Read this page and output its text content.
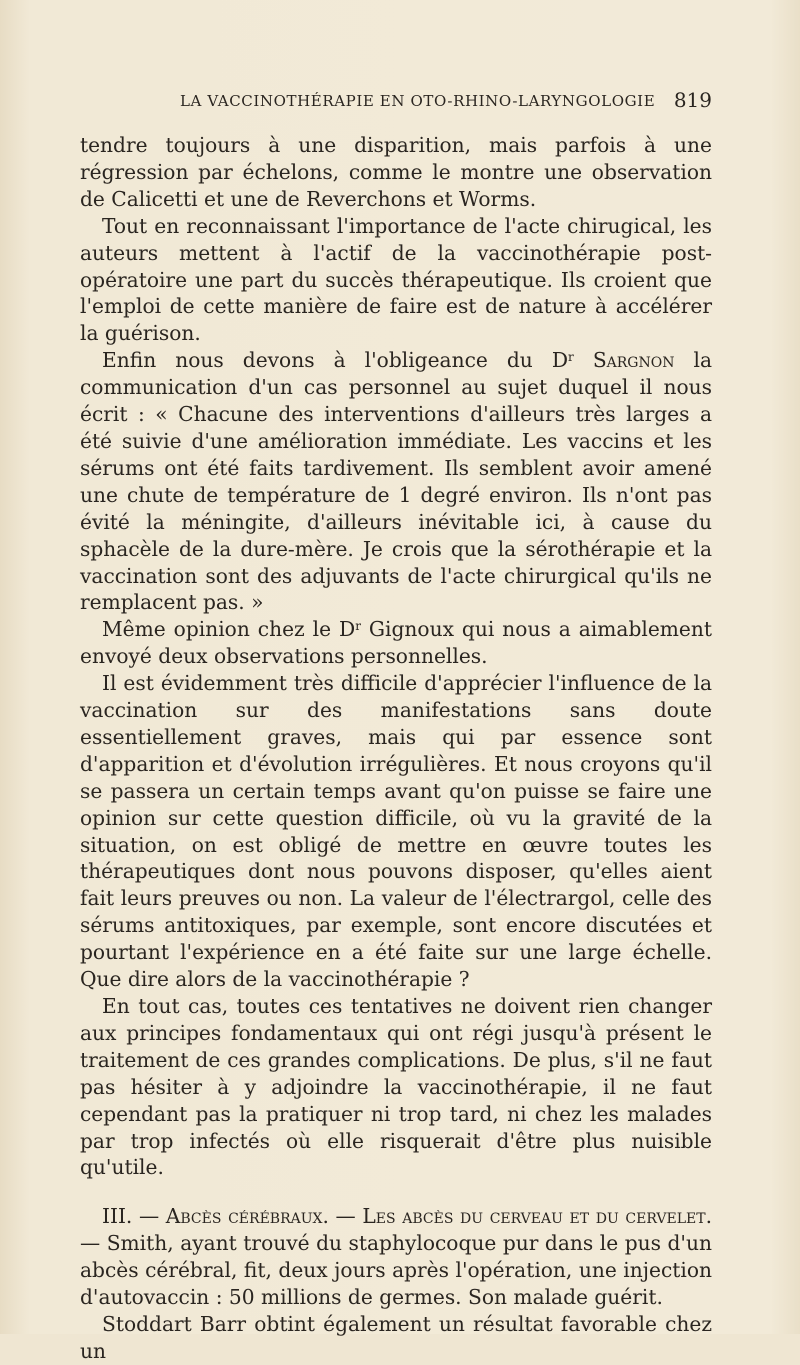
LA VACCINOTHÉRAPIE EN OTO-RHINO-LARYNGOLOGIE 819

tendre toujours à une disparition, mais parfois à une régression par échelons, comme le montre une observation de Calicetti et une de Reverchons et Worms.

Tout en reconnaissant l'importance de l'acte chirugical, les auteurs mettent à l'actif de la vaccinothérapie post-opératoire une part du succès thérapeutique. Ils croient que l'emploi de cette manière de faire est de nature à accélérer la guérison.

Enfin nous devons à l'obligeance du $D^r$ Sargnon la communication d'un cas personnel au sujet duquel il nous écrit : « Chacune des interventions d'ailleurs très larges a été suivie d'une amélioration immédiate. Les vaccins et les sérums ont été faits tardivement. Ils semblent avoir amené une chute de température de 1 degré environ. Ils n'ont pas évité la méningite, d'ailleurs inévitable ici, à cause du sphacèle de la dure-mère. Je crois que la sérothérapie et la vaccination sont des adjuvants de l'acte chirurgical qu'ils ne remplacent pas. »

Même opinion chez le $D^r$ Gignoux qui nous a aimablement envoyé deux observations personnelles.

Il est évidemment très difficile d'apprécier l'influence de la vaccination sur des manifestations sans doute essentiellement graves, mais qui par essence sont d'apparition et d'évolution irrégulières. Et nous croyons qu'il se passera un certain temps avant qu'on puisse se faire une opinion sur cette question difficile, où vu la gravité de la situation, on est obligé de mettre en œuvre toutes les thérapeutiques dont nous pouvons disposer, qu'elles aient fait leurs preuves ou non. La valeur de l'électrargol, celle des sérums antitoxiques, par exemple, sont encore discutées et pourtant l'expérience en a été faite sur une large échelle. Que dire alors de la vaccinothérapie ?

En tout cas, toutes ces tentatives ne doivent rien changer aux principes fondamentaux qui ont régi jusqu'à présent le traitement de ces grandes complications. De plus, s'il ne faut pas hésiter à y adjoindre la vaccinothérapie, il ne faut cependant pas la pratiquer ni trop tard, ni chez les malades par trop infectés où elle risquerait d'être plus nuisible qu'utile.

III. — Abcès cérébraux. — Les abcès du cerveau et du cervelet. — Smith, ayant trouvé du staphylocoque pur dans le pus d'un abcès cérébral, fit, deux jours après l'opération, une injection d'autovaccin : 50 millions de germes. Son malade guérit.

Stoddart Barr obtint également un résultat favorable chez un
